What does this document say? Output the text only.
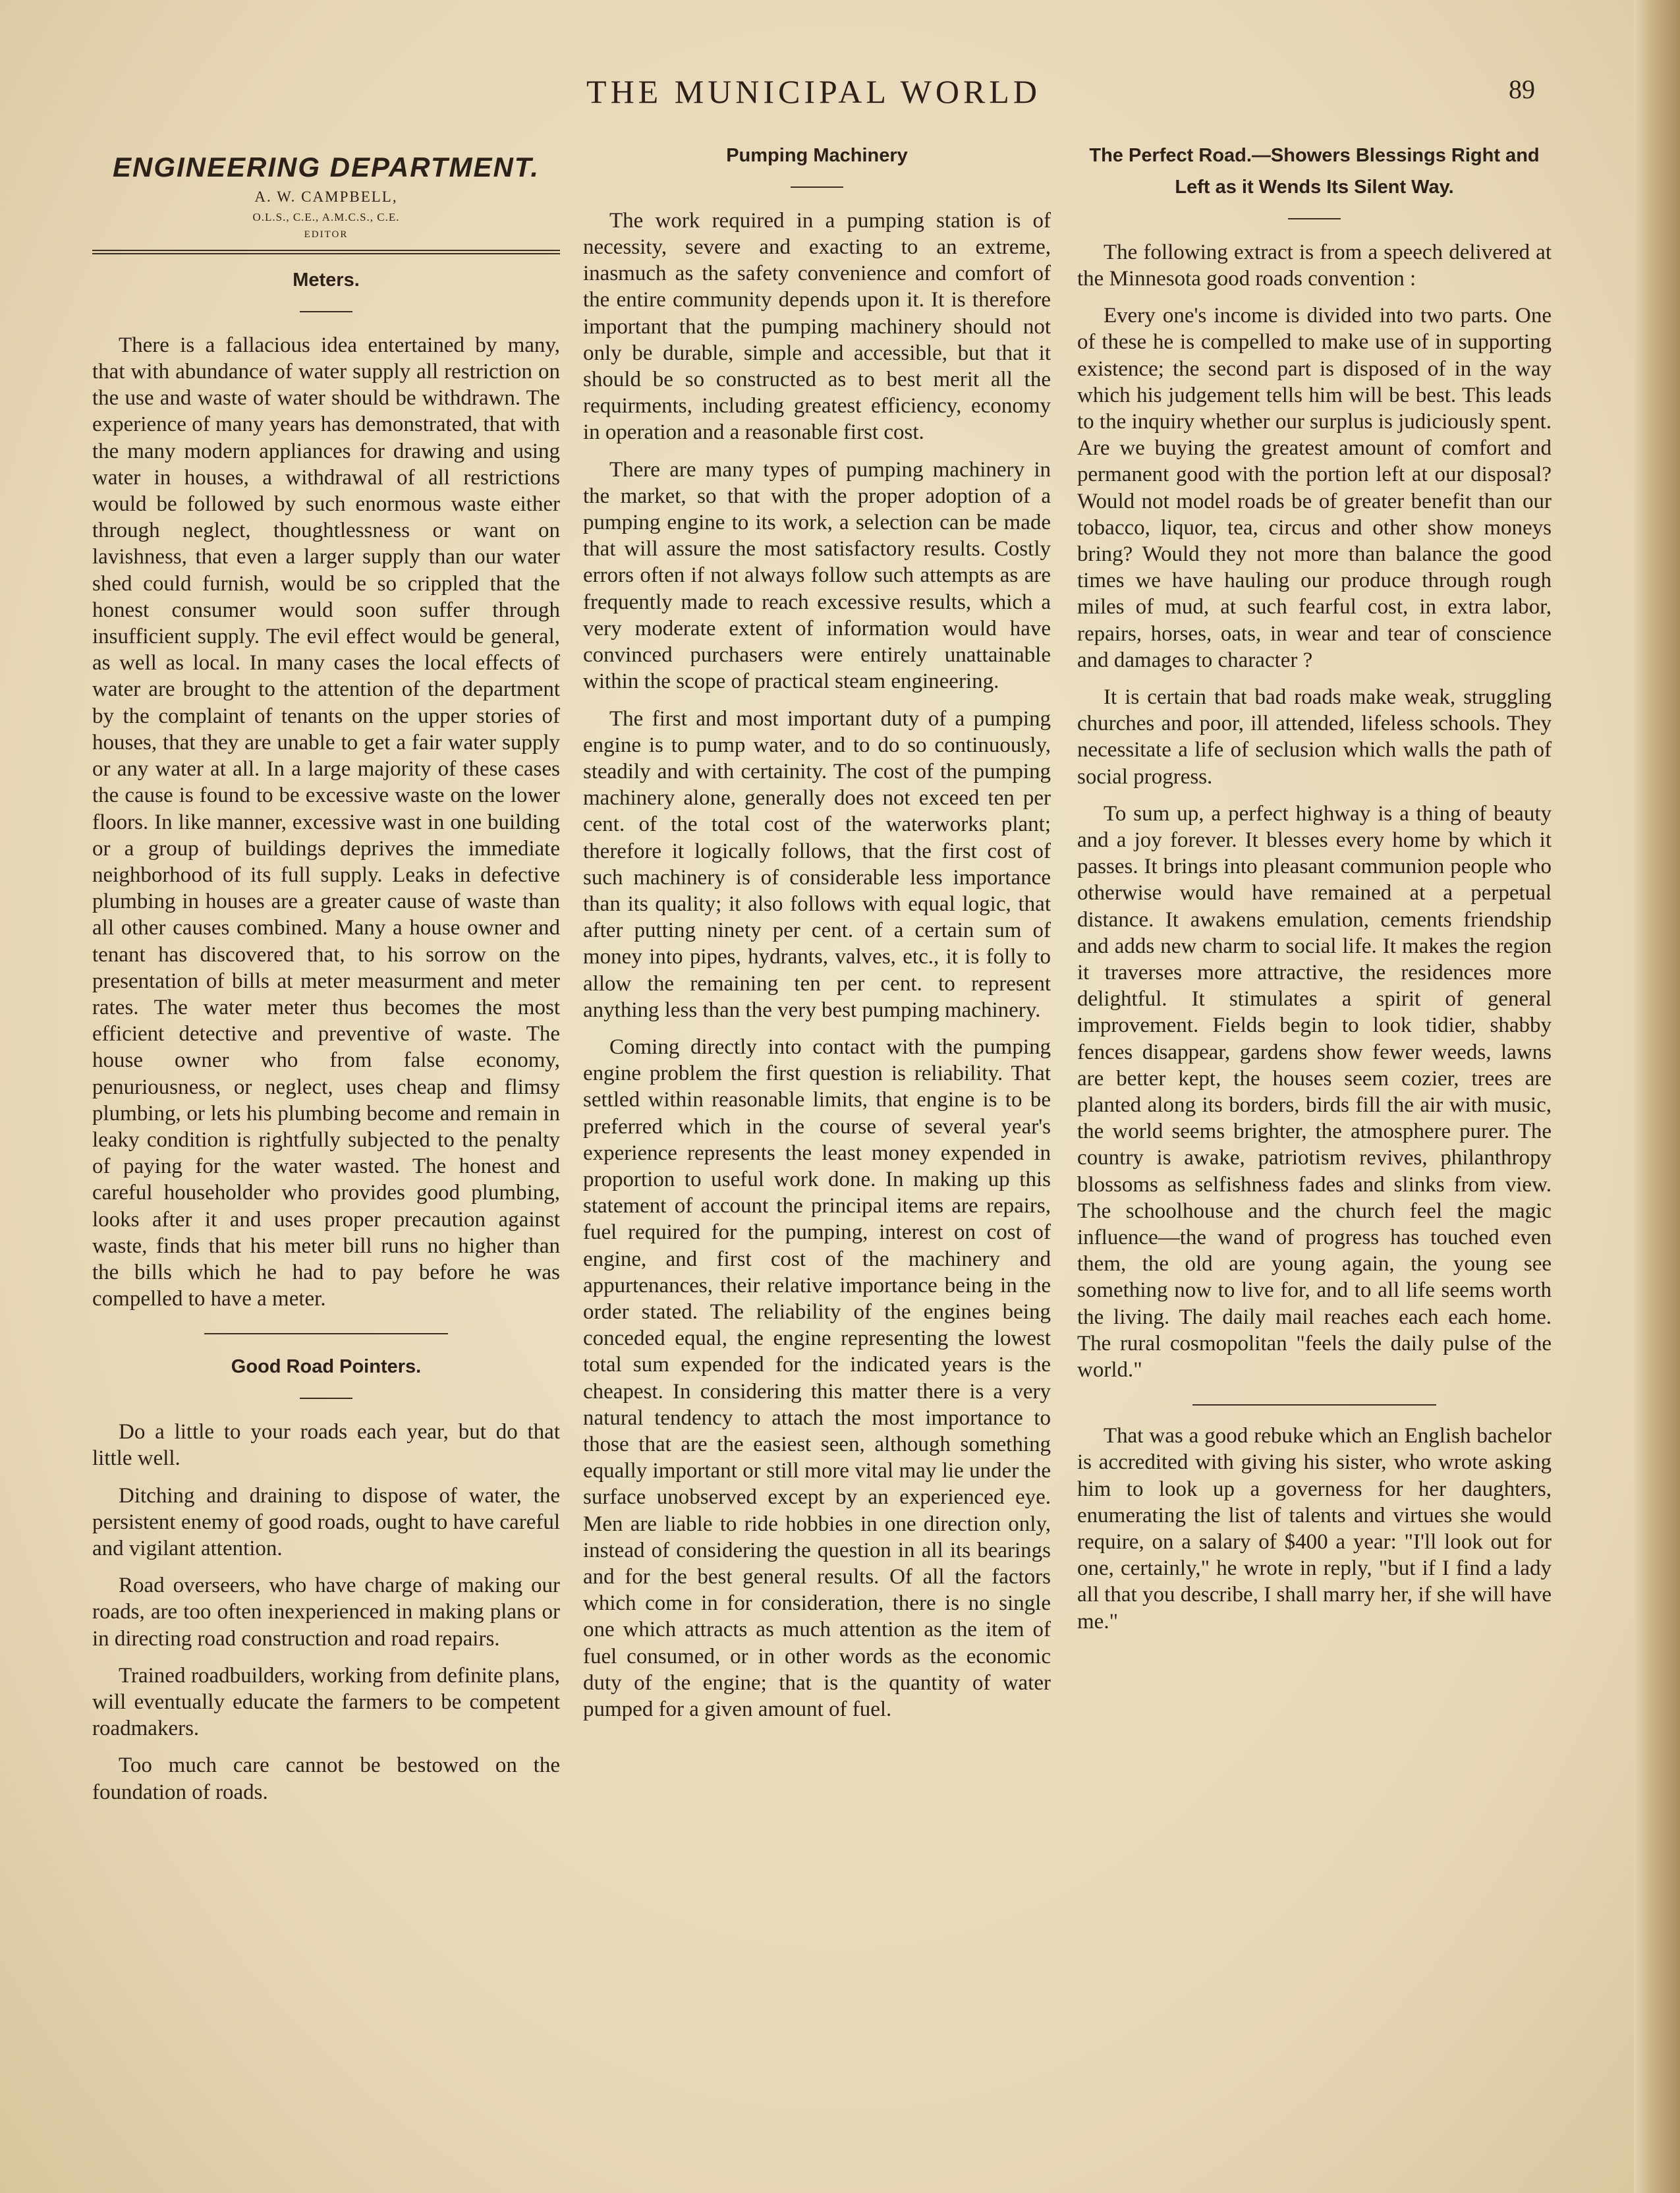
THE MUNICIPAL WORLD	89
ENGINEERING DEPARTMENT.
A. W. CAMPBELL,
O.L.S., C.E., A.M.C.S., C.E.
EDITOR
Meters.

There is a fallacious idea entertained by many, that with abundance of water supply all restriction on the use and waste of water should be withdrawn. The experience of many years has demonstrated, that with the many modern appliances for drawing and using water in houses, a withdrawal of all restrictions would be followed by such enormous waste either through neglect, thoughtlessness or want on lavishness, that even a larger supply than our water shed could furnish, would be so crippled that the honest consumer would soon suffer through insufficient supply. The evil effect would be general, as well as local. In many cases the local effects of water are brought to the attention of the department by the complaint of tenants on the upper stories of houses, that they are unable to get a fair water supply or any water at all. In a large majority of these cases the cause is found to be excessive waste on the lower floors. In like manner, excessive wast in one building or a group of buildings deprives the immediate neighborhood of its full supply. Leaks in defective plumbing in houses are a greater cause of waste than all other causes combined. Many a house owner and tenant has discovered that, to his sorrow on the presentation of bills at meter measurment and meter rates. The water meter thus becomes the most efficient detective and preventive of waste. The house owner who from false economy, penuriousness, or neglect, uses cheap and flimsy plumbing, or lets his plumbing become and remain in leaky condition is rightfully subjected to the penalty of paying for the water wasted. The honest and careful householder who provides good plumbing, looks after it and uses proper precaution against waste, finds that his meter bill runs no higher than the bills which he had to pay before he was compelled to have a meter.

Good Road Pointers.

Do a little to your roads each year, but do that little well.

Ditching and draining to dispose of water, the persistent enemy of good roads, ought to have careful and vigilant attention.

Road overseers, who have charge of making our roads, are too often inexperienced in making plans or in directing road construction and road repairs.

Trained roadbuilders, working from definite plans, will eventually educate the farmers to be competent roadmakers.

Too much care cannot be bestowed on the foundation of roads.

Pumping Machinery

The work required in a pumping station is of necessity, severe and exacting to an extreme, inasmuch as the safety convenience and comfort of the entire community depends upon it. It is therefore important that the pumping machinery should not only be durable, simple and accessible, but that it should be so constructed as to best merit all the requirments, including greatest efficiency, economy in operation and a reasonable first cost.

There are many types of pumping machinery in the market, so that with the proper adoption of a pumping engine to its work, a selection can be made that will assure the most satisfactory results. Costly errors often if not always follow such attempts as are frequently made to reach excessive results, which a very moderate extent of information would have convinced purchasers were entirely unattainable within the scope of practical steam engineering.

The first and most important duty of a pumping engine is to pump water, and to do so continuously, steadily and with certainity. The cost of the pumping machinery alone, generally does not exceed ten per cent. of the total cost of the waterworks plant; therefore it logically follows, that the first cost of such machinery is of considerable less importance than its quality; it also follows with equal logic, that after putting ninety per cent. of a certain sum of money into pipes, hydrants, valves, etc., it is folly to allow the remaining ten per cent. to represent anything less than the very best pumping machinery.

Coming directly into contact with the pumping engine problem the first question is reliability. That settled within reasonable limits, that engine is to be preferred which in the course of several year's experience represents the least money expended in proportion to useful work done. In making up this statement of account the principal items are repairs, fuel required for the pumping, interest on cost of engine, and first cost of the machinery and appurtenances, their relative importance being in the order stated. The reliability of the engines being conceded equal, the engine representing the lowest total sum expended for the indicated years is the cheapest. In considering this matter there is a very natural tendency to attach the most importance to those that are the easiest seen, although something equally important or still more vital may lie under the surface unobserved except by an experienced eye. Men are liable to ride hobbies in one direction only, instead of considering the question in all its bearings and for the best general results. Of all the factors which come in for consideration, there is no single one which attracts as much attention as the item of fuel consumed, or in other words as the economic duty of the engine; that is the quantity of water pumped for a given amount of fuel.

The Perfect Road.—Showers Blessings Right and Left as it Wends Its Silent Way.

The following extract is from a speech delivered at the Minnesota good roads convention :

Every one's income is divided into two parts. One of these he is compelled to make use of in supporting existence; the second part is disposed of in the way which his judgement tells him will be best. This leads to the inquiry whether our surplus is judiciously spent. Are we buying the greatest amount of comfort and permanent good with the portion left at our disposal? Would not model roads be of greater benefit than our tobacco, liquor, tea, circus and other show moneys bring? Would they not more than balance the good times we have hauling our produce through rough miles of mud, at such fearful cost, in extra labor, repairs, horses, oats, in wear and tear of conscience and damages to character ?

It is certain that bad roads make weak, struggling churches and poor, ill attended, lifeless schools. They necessitate a life of seclusion which walls the path of social progress.

To sum up, a perfect highway is a thing of beauty and a joy forever. It blesses every home by which it passes. It brings into pleasant communion people who otherwise would have remained at a perpetual distance. It awakens emulation, cements friendship and adds new charm to social life. It makes the region it traverses more attractive, the residences more delightful. It stimulates a spirit of general improvement. Fields begin to look tidier, shabby fences disappear, gardens show fewer weeds, lawns are better kept, the houses seem cozier, trees are planted along its borders, birds fill the air with music, the world seems brighter, the atmosphere purer. The country is awake, patriotism revives, philanthropy blossoms as selfishness fades and slinks from view. The schoolhouse and the church feel the magic influence—the wand of progress has touched even them, the old are young again, the young see something now to live for, and to all life seems worth the living. The daily mail reaches each each home. The rural cosmopolitan "feels the daily pulse of the world."

That was a good rebuke which an English bachelor is accredited with giving his sister, who wrote asking him to look up a governess for her daughters, enumerating the list of talents and virtues she would require, on a salary of $400 a year: "I'll look out for one, certainly," he wrote in reply, "but if I find a lady all that you describe, I shall marry her, if she will have me."
